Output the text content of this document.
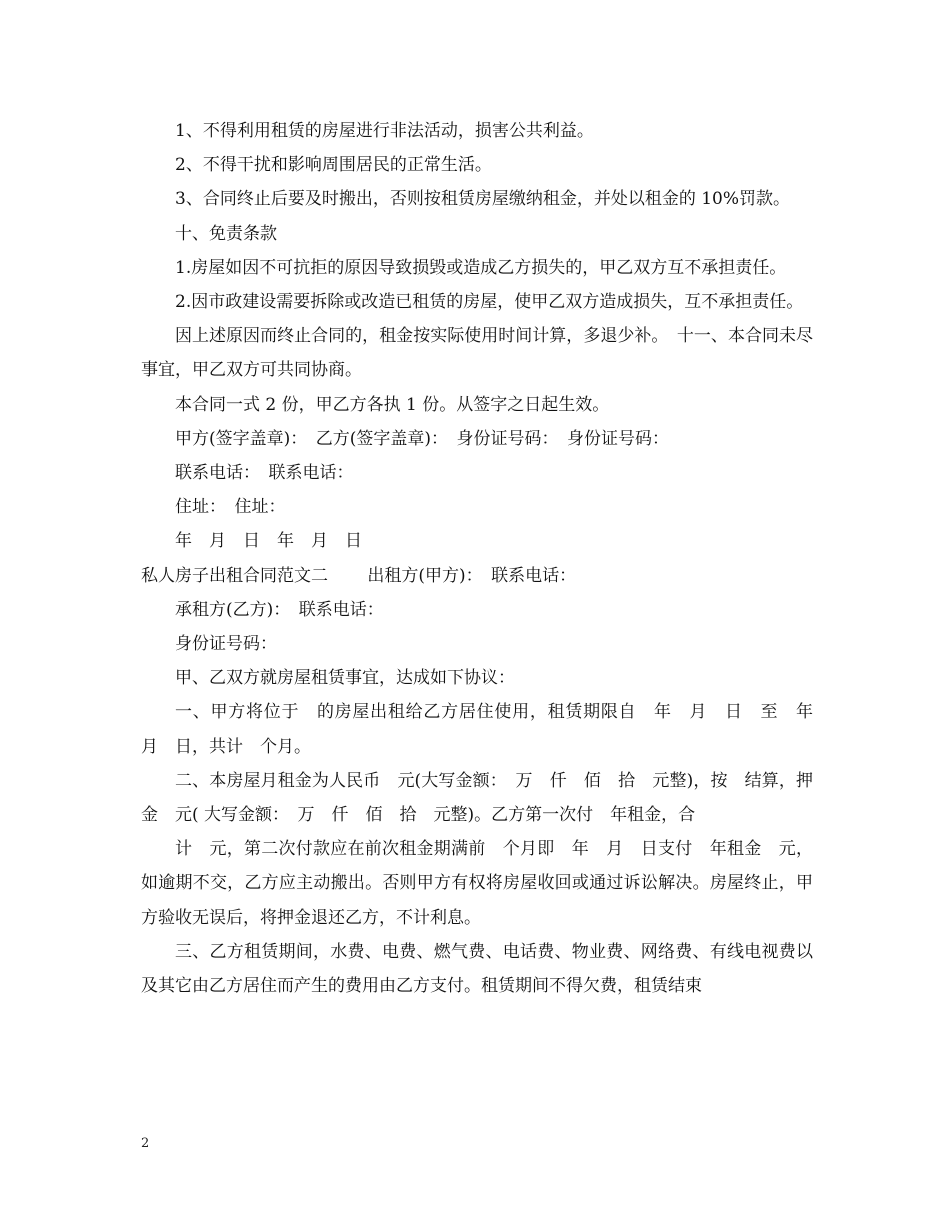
1、不得利用租赁的房屋进行非法活动，损害公共利益。

2、不得干扰和影响周围居民的正常生活。

3、合同终止后要及时搬出，否则按租赁房屋缴纳租金，并处以租金的 10%罚款。

十、免责条款

1.房屋如因不可抗拒的原因导致损毁或造成乙方损失的，甲乙双方互不承担责任。

2.因市政建设需要拆除或改造已租赁的房屋，使甲乙双方造成损失，互不承担责任。

因上述原因而终止合同的，租金按实际使用时间计算，多退少补。　十一、本合同未尽事宜，甲乙双方可共同协商。

本合同一式 2 份，甲乙方各执 1 份。从签字之日起生效。

甲方(签字盖章)：　乙方(签字盖章)：　身份证号码：　身份证号码：

联系电话：　联系电话：

住址：　住址：

年　月　日　年　月　日

私人房子出租合同范文二　　 出租方(甲方)：　联系电话：

承租方(乙方)：　联系电话：

身份证号码：

甲、乙双方就房屋租赁事宜，达成如下协议：

一、甲方将位于　的房屋出租给乙方居住使用，租赁期限自　年　月　日　至　年　月　日，共计　个月。

二、本房屋月租金为人民币　元(大写金额：　万　仟　佰　拾　元整)，按　结算，押金　元( 大写金额：　万　仟　佰　拾　元整)。乙方第一次付　年租金，合

计　元，第二次付款应在前次租金期满前　个月即　年　月　日支付　年租金　元，如逾期不交，乙方应主动搬出。否则甲方有权将房屋收回或通过诉讼解决。房屋终止，甲方验收无误后，将押金退还乙方，不计利息。

三、乙方租赁期间，水费、电费、燃气费、电话费、物业费、网络费、有线电视费以及其它由乙方居住而产生的费用由乙方支付。租赁期间不得欠费，租赁结束

2
